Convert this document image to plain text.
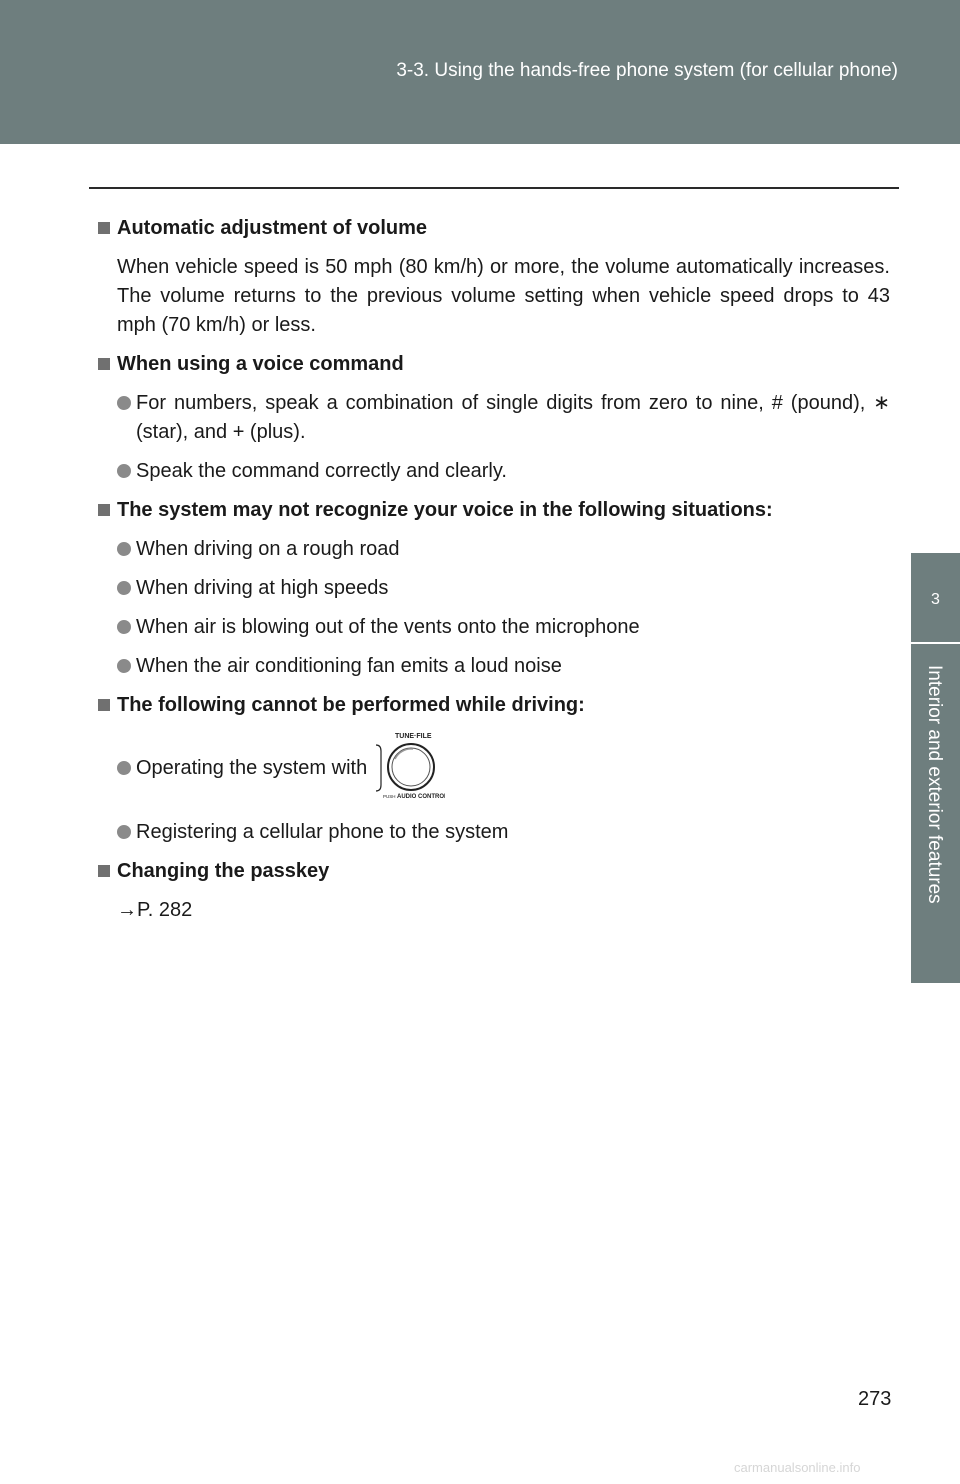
3-3. Using the hands-free phone system (for cellular phone)
3
Interior and exterior features
Automatic adjustment of volume
When vehicle speed is 50 mph (80 km/h) or more, the volume automatically increases. The volume returns to the previous volume setting when vehicle speed drops to 43 mph (70 km/h) or less.
When using a voice command
For numbers, speak a combination of single digits from zero to nine, # (pound), ∗ (star), and + (plus).
Speak the command correctly and clearly.
The system may not recognize your voice in the following situations:
When driving on a rough road
When driving at high speeds
When air is blowing out of the vents onto the microphone
When the air conditioning fan emits a loud noise
The following cannot be performed while driving:
Operating the system with
TUNE·FILE
PUSH AUDIO CONTROL
Registering a cellular phone to the system
Changing the passkey
→P. 282
273
carmanualsonline.info
